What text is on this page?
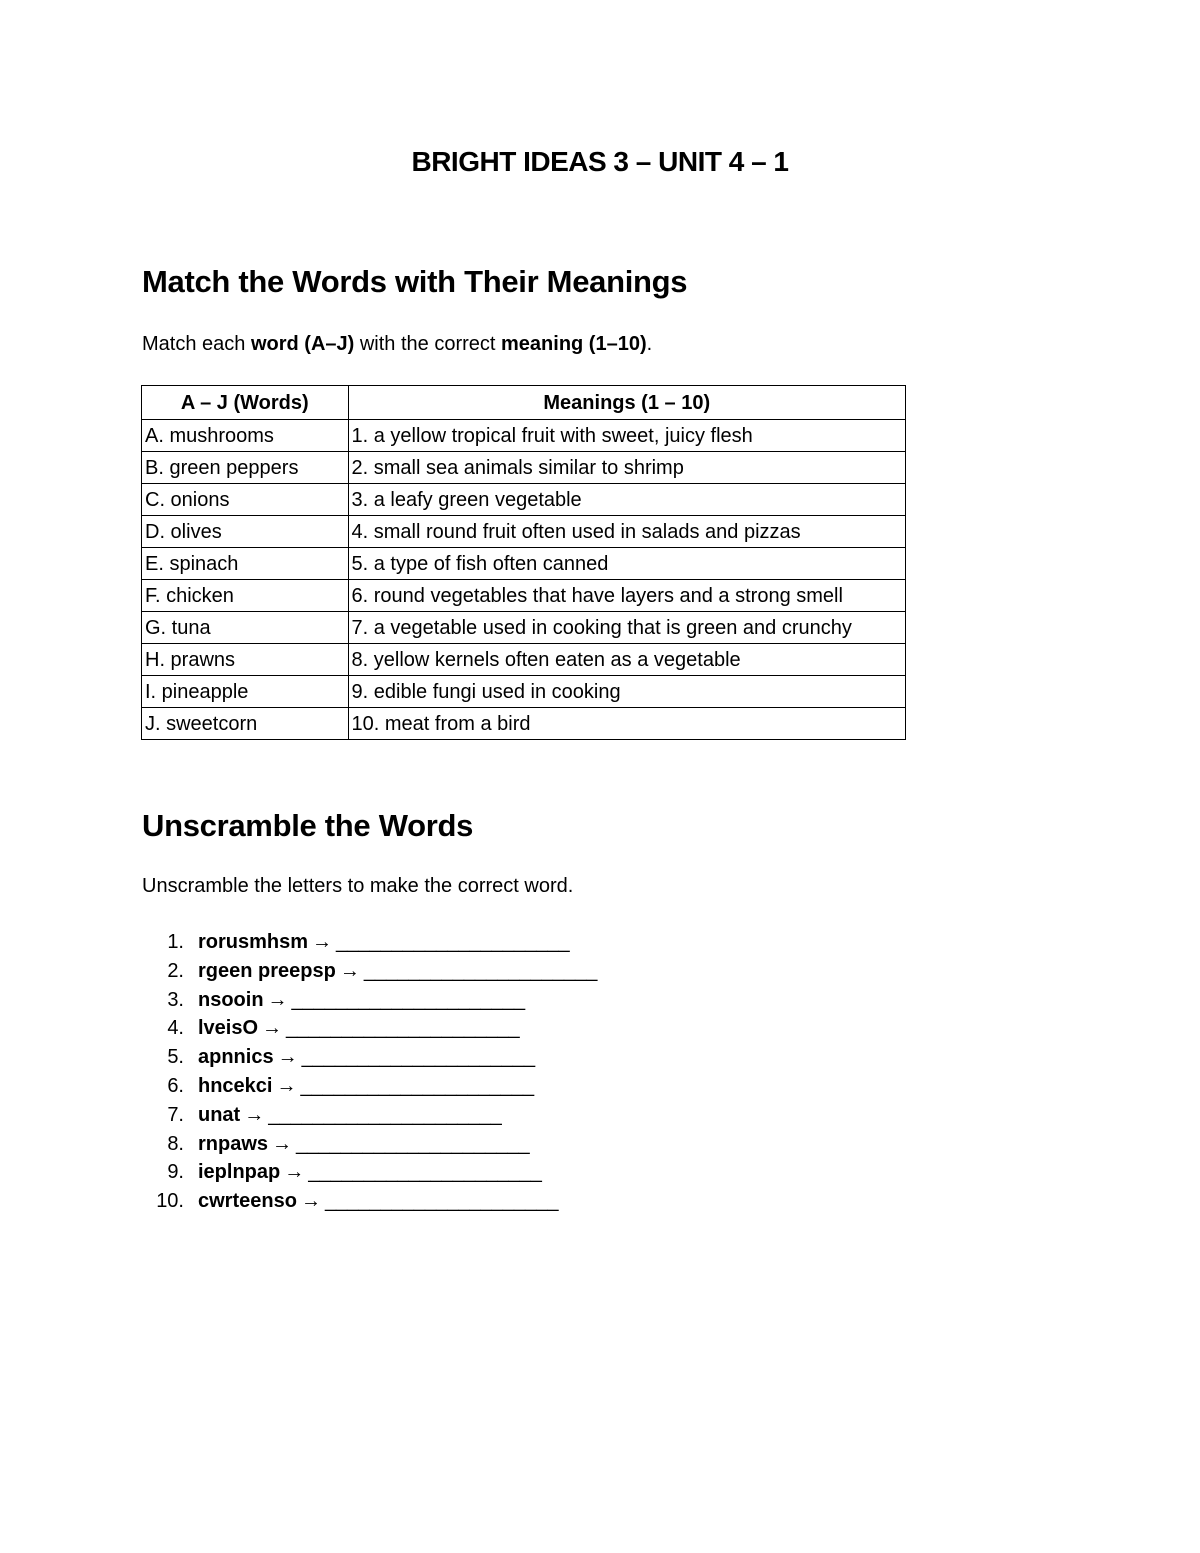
BRIGHT IDEAS 3 – UNIT 4 – 1
Match the Words with Their Meanings
Match each word (A–J) with the correct meaning (1–10).
A – J (Words)	Meanings (1 – 10)
A. mushrooms	1. a yellow tropical fruit with sweet, juicy flesh
B. green peppers	2. small sea animals similar to shrimp
C. onions	3. a leafy green vegetable
D. olives	4. small round fruit often used in salads and pizzas
E. spinach	5. a type of fish often canned
F. chicken	6. round vegetables that have layers and a strong smell
G. tuna	7. a vegetable used in cooking that is green and crunchy
H. prawns	8. yellow kernels often eaten as a vegetable
I. pineapple	9. edible fungi used in cooking
J. sweetcorn	10. meat from a bird
Unscramble the Words
Unscramble the letters to make the correct word.
1. rorusmhsm → _____________________
2. rgeen preepsp → _____________________
3. nsooin → _____________________
4. lveisO → _____________________
5. apnnics → _____________________
6. hncekci → _____________________
7. unat → _____________________
8. rnpaws → _____________________
9. ieplnpap → _____________________
10. cwrteenso → _____________________
